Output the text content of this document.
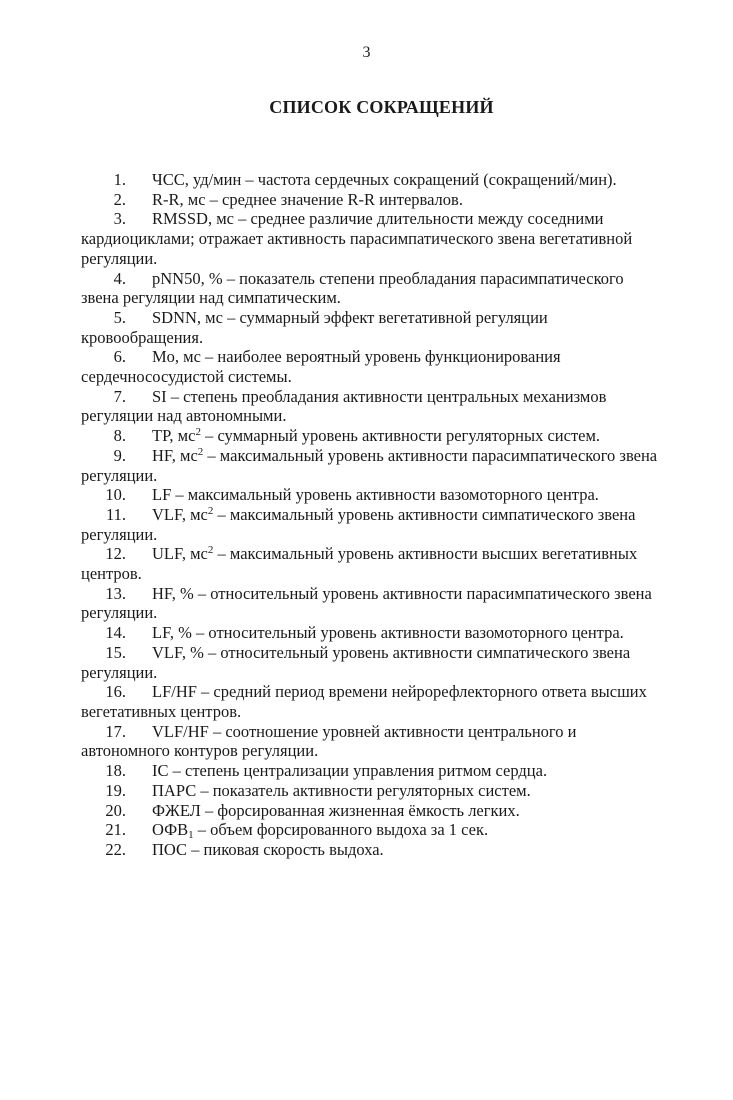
3
СПИСОК СОКРАЩЕНИЙ
1. ЧСС, уд/мин – частота сердечных сокращений (сокращений/мин).
2. R-R, мс – среднее значение R-R интервалов.
3. RMSSD, мс – среднее различие длительности между соседними
кардиоциклами; отражает активность парасимпатического звена вегетативной
регуляции.
4. pNN50, % – показатель степени преобладания парасимпатического
звена регуляции над симпатическим.
5. SDNN, мс – суммарный эффект вегетативной регуляции
кровообращения.
6. Mo, мс – наиболее вероятный уровень функционирования
сердечнососудистой системы.
7. SI – степень преобладания активности центральных механизмов
регуляции над автономными.
8. TP, $мс^2$ – суммарный уровень активности регуляторных систем.
9. HF, $мс^2$ – максимальный уровень активности парасимпатического звена
регуляции.
10. LF – максимальный уровень активности вазомоторного центра.
11. VLF, $мс^2$ – максимальный уровень активности симпатического звена
регуляции.
12. ULF, $мс^2$ – максимальный уровень активности высших вегетативных
центров.
13. HF, % – относительный уровень активности парасимпатического звена
регуляции.
14. LF, % – относительный уровень активности вазомоторного центра.
15. VLF, % – относительный уровень активности симпатического звена
регуляции.
16. LF/HF – средний период времени нейрорефлекторного ответа высших
вегетативных центров.
17. VLF/HF – соотношение уровней активности центрального и
автономного контуров регуляции.
18. IC – степень централизации управления ритмом сердца.
19. ПАРС – показатель активности регуляторных систем.
20. ФЖЕЛ – форсированная жизненная ёмкость легких.
21. $ОФВ_1$ – объем форсированного выдоха за 1 сек.
22. ПОС – пиковая скорость выдоха.
